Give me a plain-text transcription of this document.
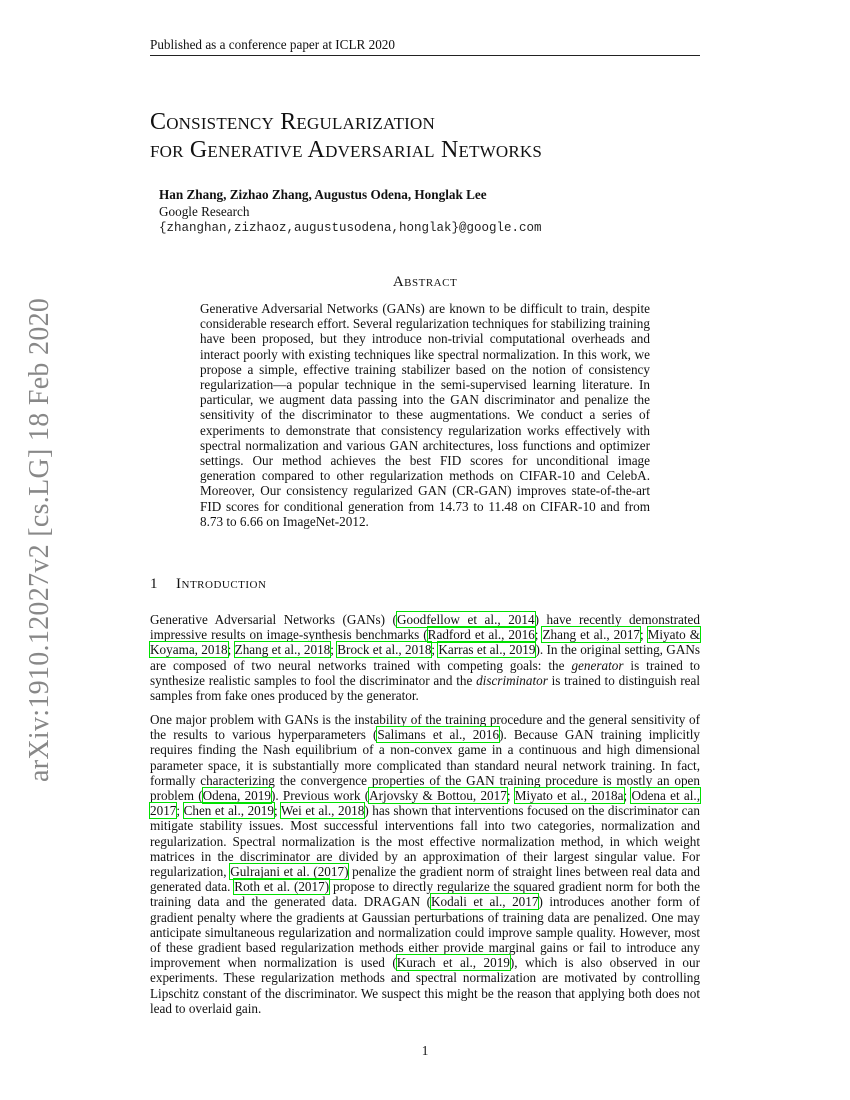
Published as a conference paper at ICLR 2020
Consistency Regularization
for Generative Adversarial Networks
Han Zhang, Zizhao Zhang, Augustus Odena, Honglak Lee
Google Research
{zhanghan,zizhaoz,augustusodena,honglak}@google.com
Abstract

Generative Adversarial Networks (GANs) are known to be difficult to train, despite considerable research effort. Several regularization techniques for stabilizing training have been proposed, but they introduce non-trivial computational overheads and interact poorly with existing techniques like spectral normalization. In this work, we propose a simple, effective training stabilizer based on the notion of consistency regularization—a popular technique in the semi-supervised learning literature. In particular, we augment data passing into the GAN discriminator and penalize the sensitivity of the discriminator to these augmentations. We conduct a series of experiments to demonstrate that consistency regularization works effectively with spectral normalization and various GAN architectures, loss functions and optimizer settings. Our method achieves the best FID scores for unconditional image generation compared to other regularization methods on CIFAR-10 and CelebA. Moreover, Our consistency regularized GAN (CR-GAN) improves state-of-the-art FID scores for conditional generation from 14.73 to 11.48 on CIFAR-10 and from 8.73 to 6.66 on ImageNet-2012.

1 Introduction

Generative Adversarial Networks (GANs) (Goodfellow et al., 2014) have recently demonstrated impressive results on image-synthesis benchmarks (Radford et al., 2016; Zhang et al., 2017; Miyato & Koyama, 2018; Zhang et al., 2018; Brock et al., 2018; Karras et al., 2019). In the original setting, GANs are composed of two neural networks trained with competing goals: the generator is trained to synthesize realistic samples to fool the discriminator and the discriminator is trained to distinguish real samples from fake ones produced by the generator.

One major problem with GANs is the instability of the training procedure and the general sensitivity of the results to various hyperparameters (Salimans et al., 2016). Because GAN training implicitly requires finding the Nash equilibrium of a non-convex game in a continuous and high dimensional parameter space, it is substantially more complicated than standard neural network training. In fact, formally characterizing the convergence properties of the GAN training procedure is mostly an open problem (Odena, 2019). Previous work (Arjovsky & Bottou, 2017; Miyato et al., 2018a; Odena et al., 2017; Chen et al., 2019; Wei et al., 2018) has shown that interventions focused on the discriminator can mitigate stability issues. Most successful interventions fall into two categories, normalization and regularization. Spectral normalization is the most effective normalization method, in which weight matrices in the discriminator are divided by an approximation of their largest singular value. For regularization, Gulrajani et al. (2017) penalize the gradient norm of straight lines between real data and generated data. Roth et al. (2017) propose to directly regularize the squared gradient norm for both the training data and the generated data. DRAGAN (Kodali et al., 2017) introduces another form of gradient penalty where the gradients at Gaussian perturbations of training data are penalized. One may anticipate simultaneous regularization and normalization could improve sample quality. However, most of these gradient based regularization methods either provide marginal gains or fail to introduce any improvement when normalization is used (Kurach et al., 2019), which is also observed in our experiments. These regularization methods and spectral normalization are motivated by controlling Lipschitz constant of the discriminator. We suspect this might be the reason that applying both does not lead to overlaid gain.

arXiv:1910.12027v2 [cs.LG] 18 Feb 2020
1
